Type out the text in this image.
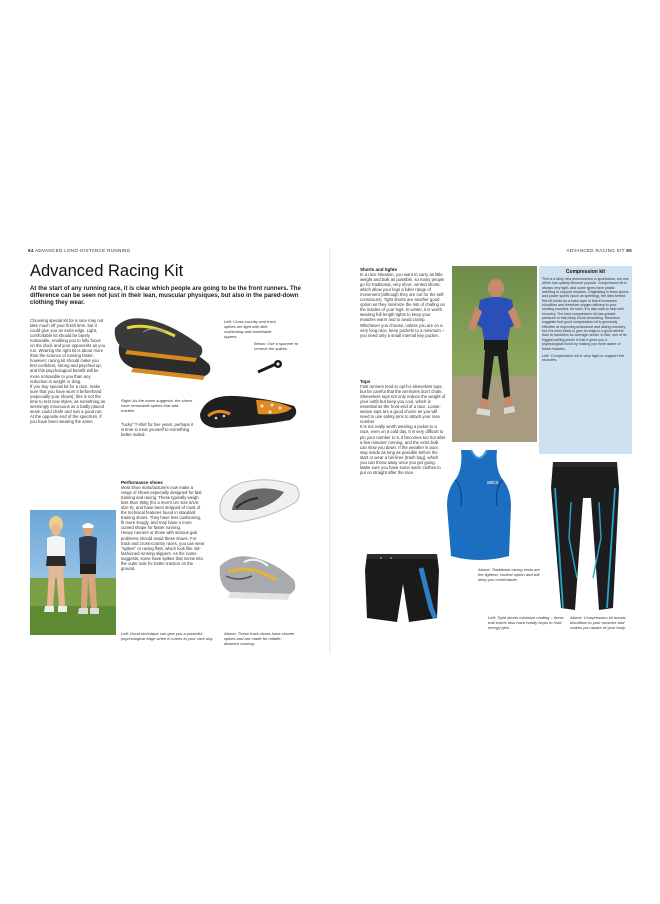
84 ADVANCED LONG-DISTANCE RUNNING
Advanced Racing Kit

At the start of any running race, it is clear which people are going to be the front runners. The difference can be seen not just in their lean, muscular physiques, but also in the pared-down clothing they wear.

Choosing special kit for a race may not take much off your finish time, but it could give you an extra edge. Light, comfortable kit should be barely noticeable, enabling you to fully focus on the clock and your opponents as you run. Wearing the right kit is about more than the science of running faster, however: racing kit should make you feel confident, strong and psyched up, and this psychological benefit will be more noticeable to you than any reduction in weight or drag.
If you buy special kit for a race, make sure that you have worn it beforehand (especially your shoes); this is not the time to test new styles, as something as seemingly innocuous as a badly placed seam could chafe and ruin a good run. At the opposite end of the spectrum, if you have been wearing the same

Left: Cross-country and track spikes are light with little cushioning and breathable uppers.

Below: Use a spanner to remove the spikes.

Right: As the name suggests, the shoes have removable spikes that add traction.

"lucky" T-shirt for five years, perhaps it is time to treat yourself to something better suited.

Left: Good technique can give you a powerful psychological edge when it comes to your race day.

Performance shoes
Most shoe manufacturers now make a range of shoes especially designed for fast training and racing. These typically weigh less than 350g (for a men's UK size 8/US size 9), and have been stripped of most of the technical features found in standard training shoes. They have less cushioning, fit more snugly, and may have a more curved shape for faster running.
Heavy runners or those with serious gait problems should avoid these shoes. For track and cross-country races, you can wear "spikes" or racing flats, which look like old-fashioned running slippers. As the name suggests, some have spikes that screw into the outer sole for better traction on the ground.

Above: These track shoes have shorter spikes and are made for middle-distance running.

ADVANCED RACING KIT 85

Shorts and tights
In a race situation, you want to carry as little weight and bulk as possible, so many people go for traditional, very short, vented shorts, which allow your legs a fuller range of movement (although they are not for the self-conscious!). Tight shorts are another good option as they minimize the risk of chafing on the insides of your legs. In winter, it is worth wearing full-length tights to keep your muscles warm and to avoid cramp. Whichever you choose, unless you are on a very long race, keep pockets to a minimum – you need only a small internal key pocket.

Tops
Fast runners tend to opt for sleeveless tops, but be careful that the armholes don't chafe. Sleeveless tops not only reduce the weight of your outfit but keep you cool, which is essential as the front-end of a race. Loose-weave tops are a good choice as you will need to use safety pins to attach your race number.
It is not really worth wearing a jacket to a race, even on a cold day. It is very difficult to pin your number to it, it becomes too hot after a few minutes' running, and the extra bulk can slow you down. If the weather is poor, stay inside as long as possible before the start or wear a bin-liner (trash bag), which you can throw away once you get going. Make sure you have some warm clothes to put on straight after the race.

Compression kit

This is a fairly new phenomenon in sportswear, but one which has quickly become popular. Compression kit is always very tight, and some types have plastic webbing to support muscles. Originating in team sports and power sports (such as sprinting), the idea behind this kit works as a base layer is that it increases bloodflow and therefore oxygen delivery to your working muscles. As such, it is also said to help with recovery. The best compression kit has graded pressure to help keep blood circulating. Research suggests that good compression kit is genuinely effective at improving endurance and aiding recovery, but it is more likely to give an edge to a good athlete than to transform an average runner. In fact, one of its biggest selling points is that it gives you a psychological boost by making you more aware of these muscles.

Left: Compression kit is very tight to support the muscles.

asics

Above: Traditional racing vests are the lightest, coolest option and will keep you comfortable.

Left: Tight shorts minimize chafing – these trail shorts also have handy loops to hold energy gels.

Above: Compression kit boosts bloodflow to your muscles and makes you aware of your body.
